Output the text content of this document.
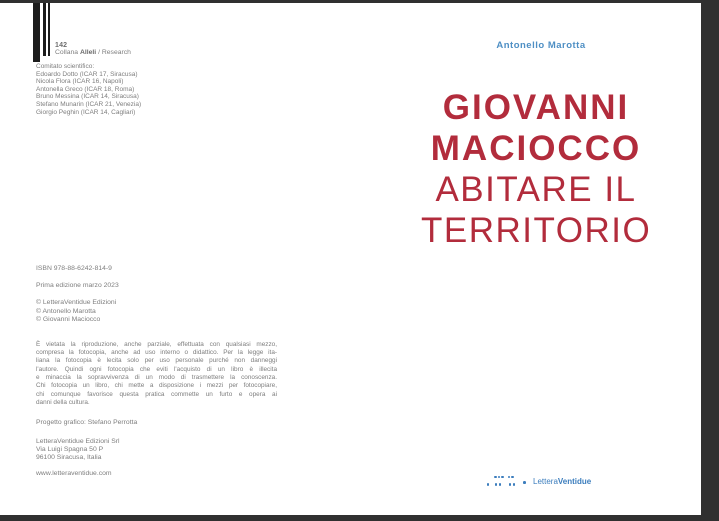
142
Collana Alleli / Research
Comitato scientifico:
Edoardo Dotto (ICAR 17, Siracusa)
Nicola Flora (ICAR 16, Napoli)
Antonella Greco (ICAR 18, Roma)
Bruno Messina (ICAR 14, Siracusa)
Stefano Munarin (ICAR 21, Venezia)
Giorgio Peghin (ICAR 14, Cagliari)
ISBN 978-88-6242-814-9
Prima edizione marzo 2023
© LetteraVentidue Edizioni
© Antonello Marotta
© Giovanni Maciocco
È vietata la riproduzione, anche parziale, effettuata con qualsiasi mezzo,
compresa la fotocopia, anche ad uso interno o didattico. Per la legge ita-
liana la fotocopia è lecita solo per uso personale purché non danneggi
l'autore. Quindi ogni fotocopia che eviti l'acquisto di un libro è illecita
e minaccia la sopravvivenza di un modo di trasmettere la conoscenza.
Chi fotocopia un libro, chi mette a disposizione i mezzi per fotocopiare,
chi comunque favorisce questa pratica commette un furto e opera ai
danni della cultura.
Progetto grafico: Stefano Perrotta
LetteraVentidue Edizioni Srl
Via Luigi Spagna 50 P
96100 Siracusa, Italia
www.letteraventidue.com
Antonello Marotta
GIOVANNI
MACIOCCO
ABITARE IL
TERRITORIO
LetteraVentidue
